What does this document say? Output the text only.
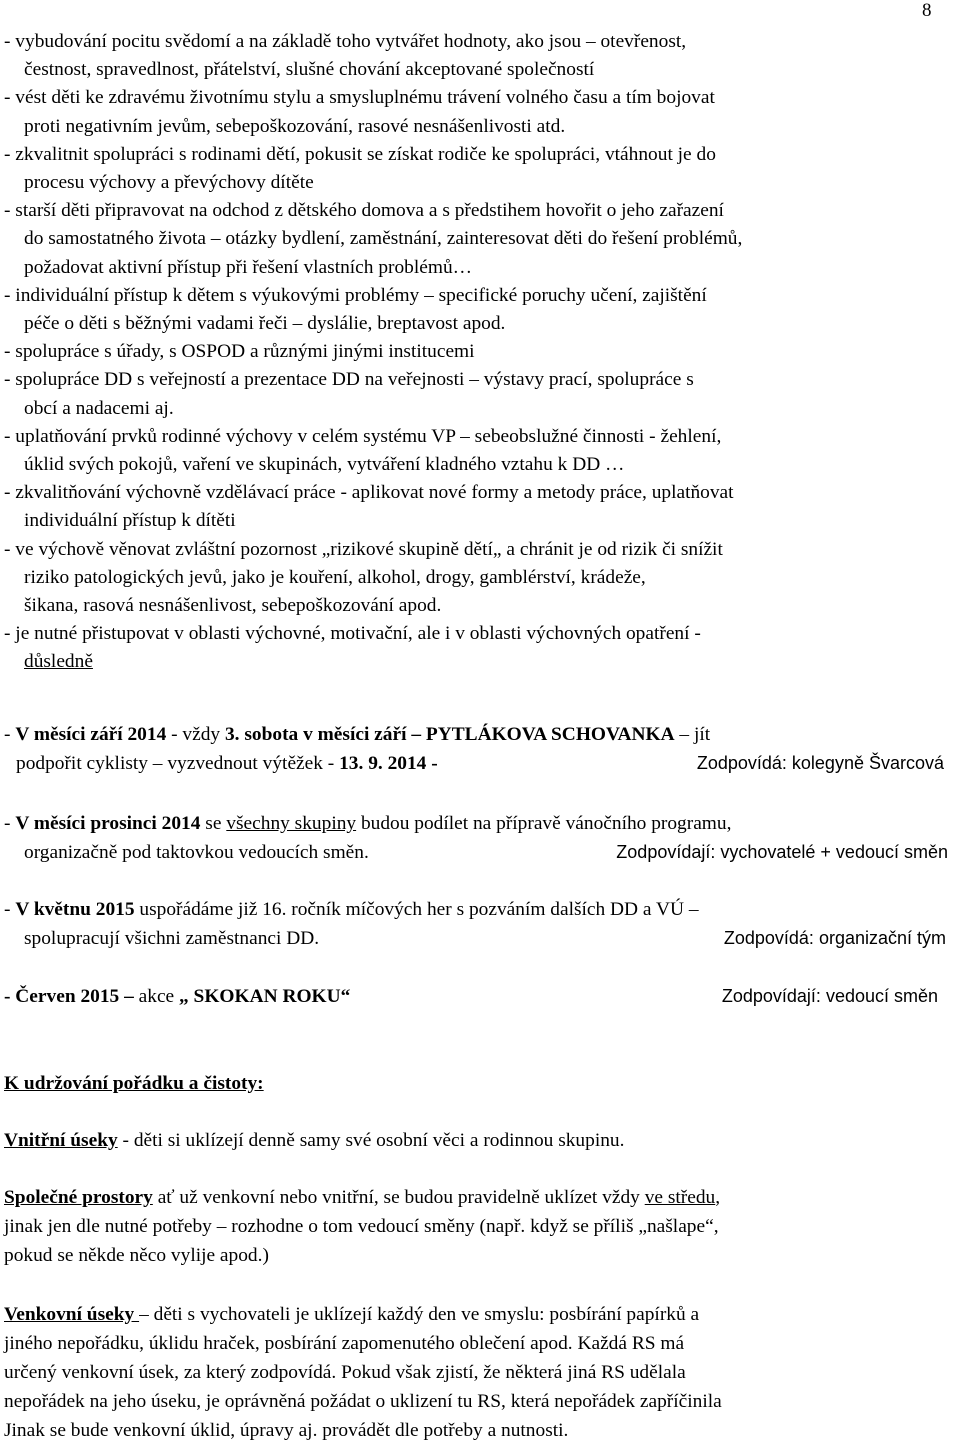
8
- vybudování pocitu svědomí a na základě toho vytvářet hodnoty, ako jsou – otevřenost,
čestnost, spravedlnost, přátelství, slušné chování akceptované společností
- vést děti ke zdravému životnímu stylu a smysluplnému trávení volného času a tím bojovat
proti negativním jevům, sebepoškozování, rasové nesnášenlivosti atd.
- zkvalitnit spolupráci s rodinami dětí, pokusit se získat rodiče ke spolupráci, vtáhnout je do
procesu výchovy a převýchovy dítěte
- starší děti připravovat na odchod z dětského domova a s předstihem hovořit o jeho zařazení
do samostatného života – otázky bydlení, zaměstnání, zainteresovat děti do řešení problémů,
požadovat aktivní přístup při řešení vlastních problémů…
- individuální přístup k dětem s výukovými problémy – specifické poruchy učení, zajištění
péče o děti s běžnými vadami řeči – dyslálie, breptavost apod.
- spolupráce s úřady, s OSPOD a různými jinými institucemi
- spolupráce DD s veřejností a prezentace DD na veřejnosti – výstavy prací, spolupráce s
obcí a nadacemi aj.
- uplatňování prvků rodinné výchovy v celém systému VP – sebeobslužné činnosti - žehlení,
úklid svých pokojů, vaření ve skupinách, vytváření kladného vztahu k DD …
- zkvalitňování výchovně vzdělávací práce - aplikovat nové formy a metody práce, uplatňovat
individuální přístup k dítěti
- ve výchově věnovat zvláštní pozornost „rizikové skupině dětí„ a chránit je od rizik či snížit
riziko patologických jevů, jako je kouření, alkohol, drogy, gamblérství, krádeže,
šikana, rasová nesnášenlivost, sebepoškozování apod.
- je nutné přistupovat v oblasti výchovné, motivační, ale i v oblasti výchovných opatření -
důsledně
- V měsíci září 2014 - vždy 3. sobota v měsíci září – PYTLÁKOVA SCHOVANKA – jít
podpořit cyklisty – vyzvednout výtěžek - 13. 9. 2014 -	Zodpovídá: kolegyně Švarcová
- V měsíci prosinci 2014 se všechny skupiny budou podílet na přípravě vánočního programu,
organizačně pod taktovkou vedoucích směn.	Zodpovídají: vychovatelé + vedoucí směn
- V květnu 2015 uspořádáme již 16. ročník míčových her s pozváním dalších DD a VÚ –
spolupracují všichni zaměstnanci DD.	Zodpovídá: organizační tým
- Červen 2015 – akce „ SKOKAN ROKU“	Zodpovídají: vedoucí směn
K udržování pořádku a čistoty:
Vnitřní úseky - děti si uklízejí denně samy své osobní věci a rodinnou skupinu.
Společné prostory ať už venkovní nebo vnitřní, se budou pravidelně uklízet vždy ve středu,
jinak jen dle nutné potřeby – rozhodne o tom vedoucí směny (např. když se příliš „našlape“,
pokud se někde něco vylije apod.)
Venkovní úseky – děti s vychovateli je uklízejí každý den ve smyslu: posbírání papírků a
jiného nepořádku, úklidu hraček, posbírání zapomenutého oblečení apod. Každá RS má
určený venkovní úsek, za který zodpovídá. Pokud však zjistí, že některá jiná RS udělala
nepořádek na jeho úseku, je oprávněná požádat o uklizení tu RS, která nepořádek zapříčinila
Jinak se bude venkovní úklid, úpravy aj. provádět dle potřeby a nutnosti.
